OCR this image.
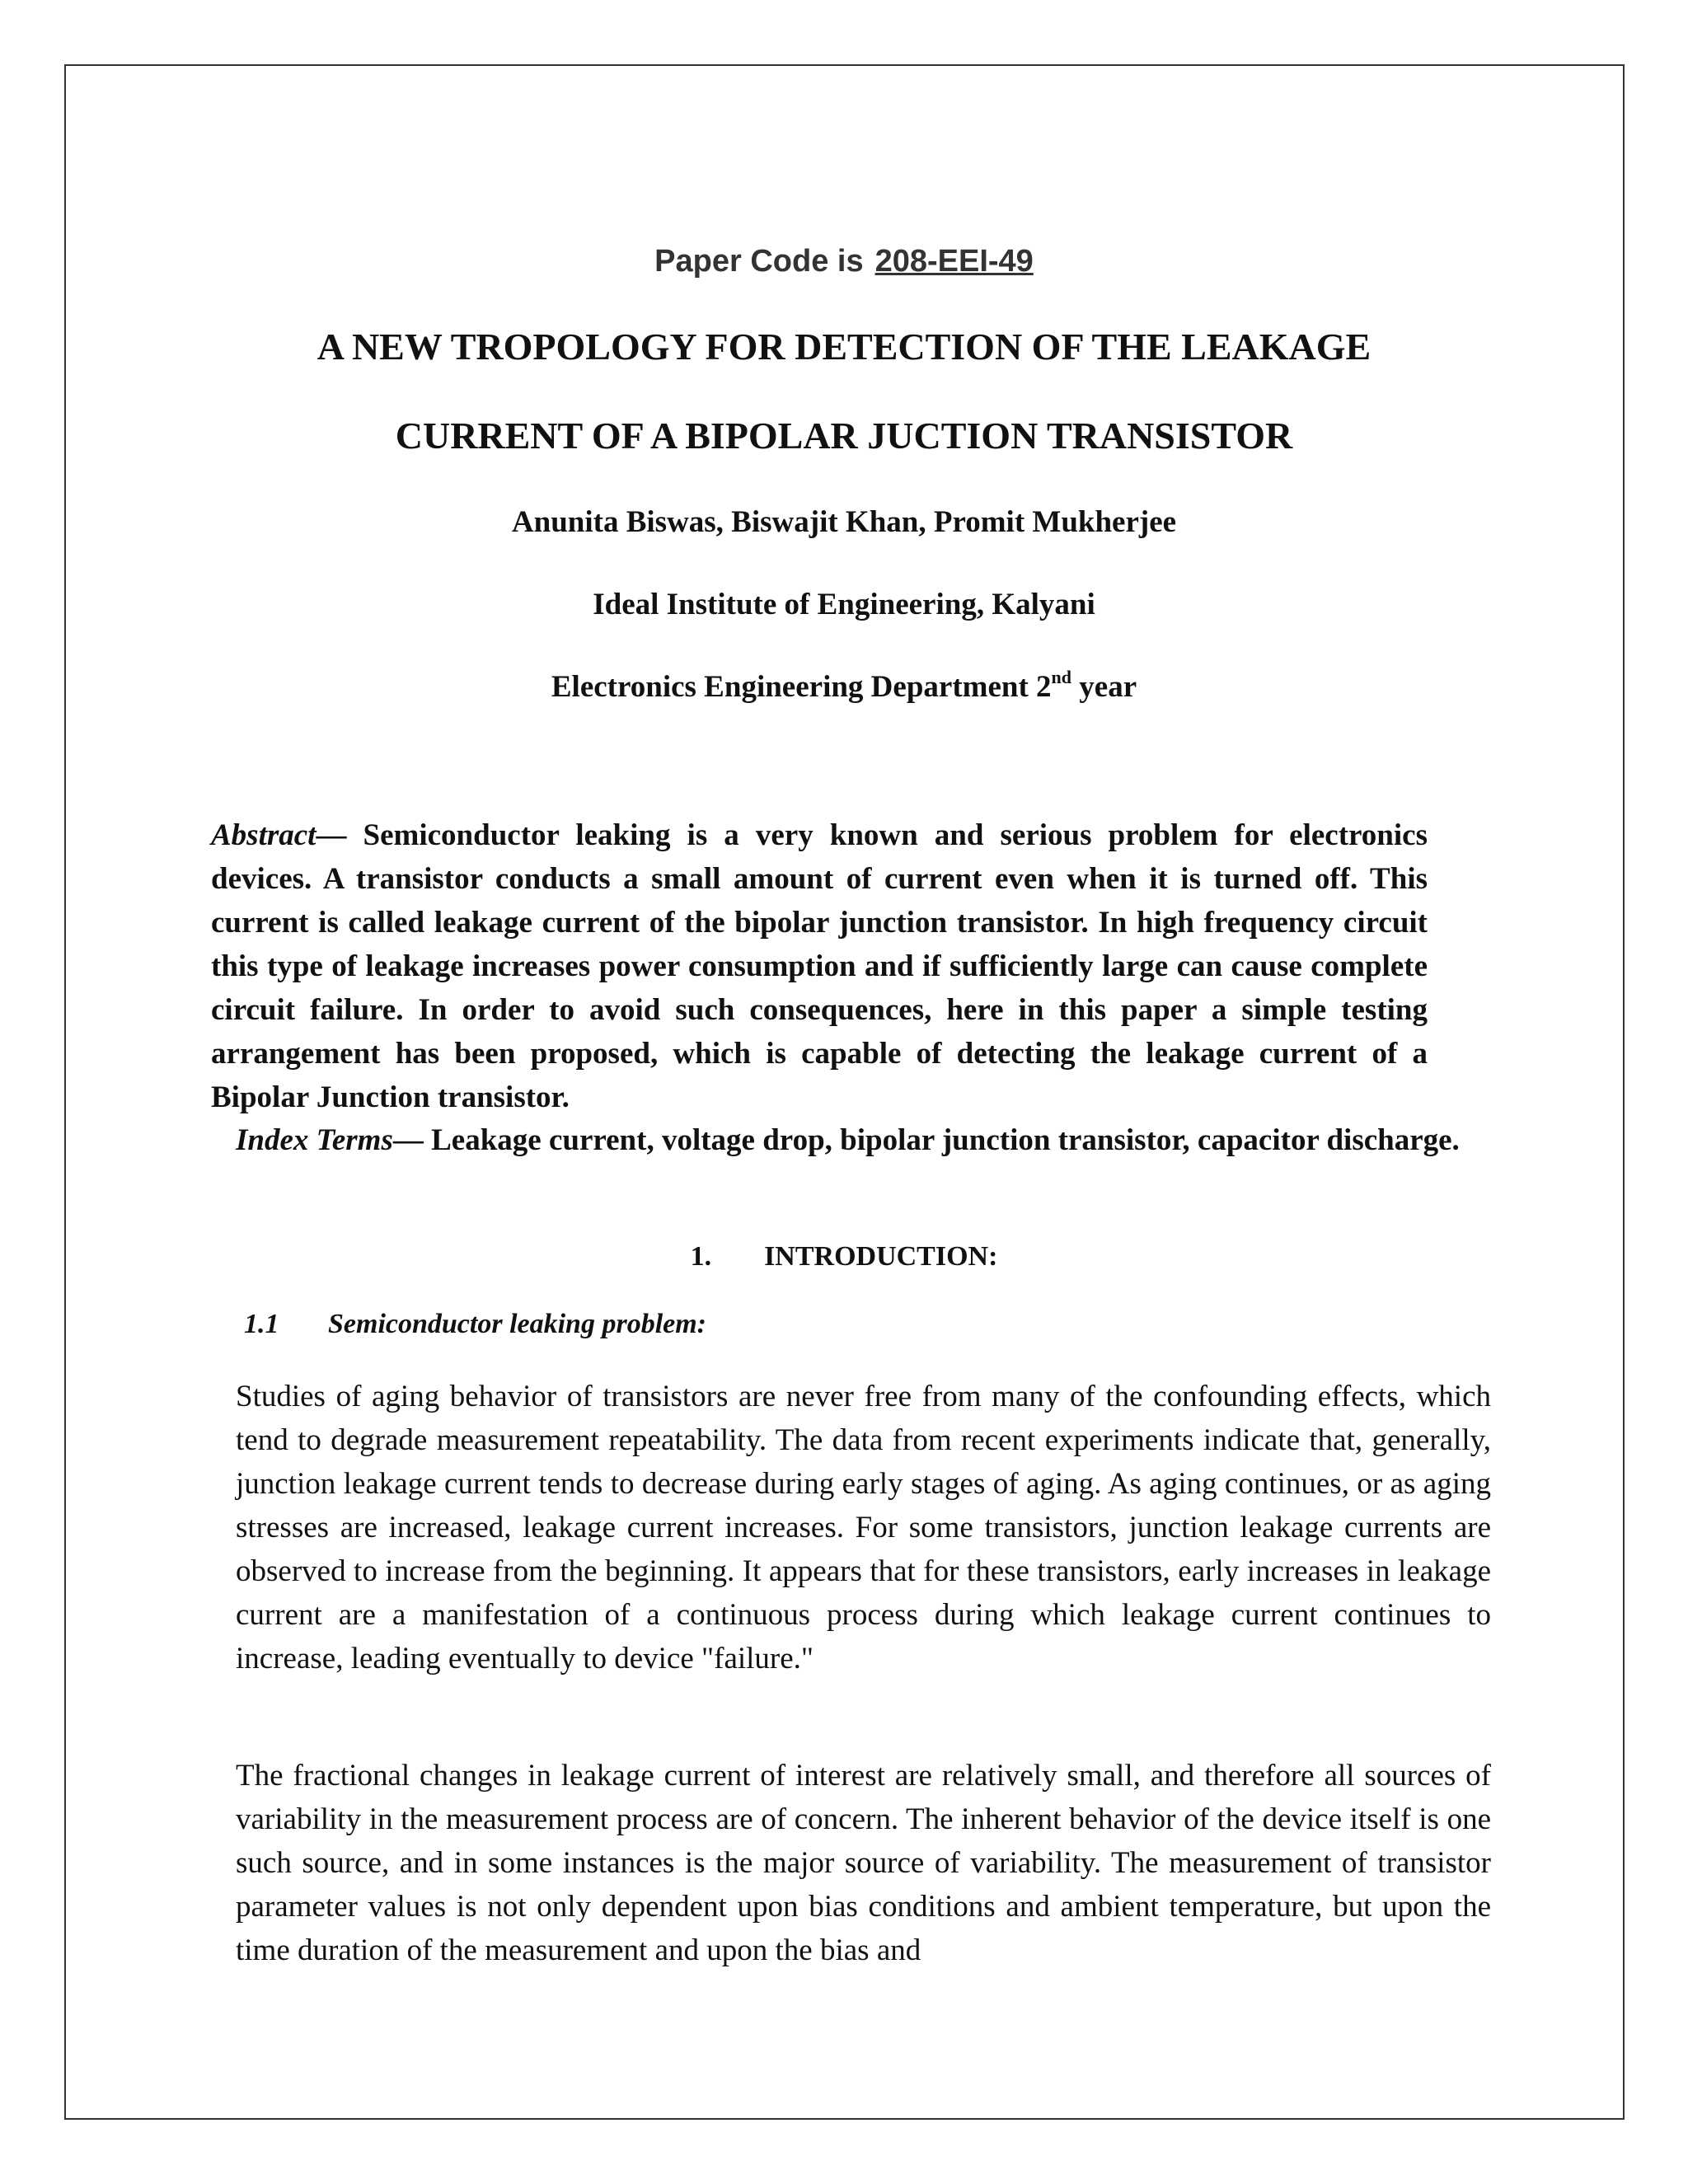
Paper Code is 208-EEI-49
A NEW TROPOLOGY FOR DETECTION OF THE LEAKAGE
CURRENT OF A BIPOLAR JUCTION TRANSISTOR
Anunita Biswas, Biswajit Khan, Promit Mukherjee
Ideal Institute of Engineering, Kalyani
Electronics Engineering Department 2nd year
Abstract— Semiconductor leaking is a very known and serious problem for electronics devices. A transistor conducts a small amount of current even when it is turned off. This current is called leakage current of the bipolar junction transistor. In high frequency circuit this type of leakage increases power consumption and if sufficiently large can cause complete circuit failure. In order to avoid such consequences, here in this paper a simple testing arrangement has been proposed, which is capable of detecting the leakage current of a Bipolar Junction transistor.
Index Terms— Leakage current, voltage drop, bipolar junction transistor, capacitor discharge.
1. INTRODUCTION:
1.1 Semiconductor leaking problem:
Studies of aging behavior of transistors are never free from many of the confounding effects, which tend to degrade measurement repeatability. The data from recent experiments indicate that, generally, junction leakage current tends to decrease during early stages of aging. As aging continues, or as aging stresses are increased, leakage current increases. For some transistors, junction leakage currents are observed to increase from the beginning. It appears that for these transistors, early increases in leakage current are a manifestation of a continuous process during which leakage current continues to increase, leading eventually to device "failure."
The fractional changes in leakage current of interest are relatively small, and therefore all sources of variability in the measurement process are of concern. The inherent behavior of the device itself is one such source, and in some instances is the major source of variability. The measurement of transistor parameter values is not only dependent upon bias conditions and ambient temperature, but upon the time duration of the measurement and upon the bias and
